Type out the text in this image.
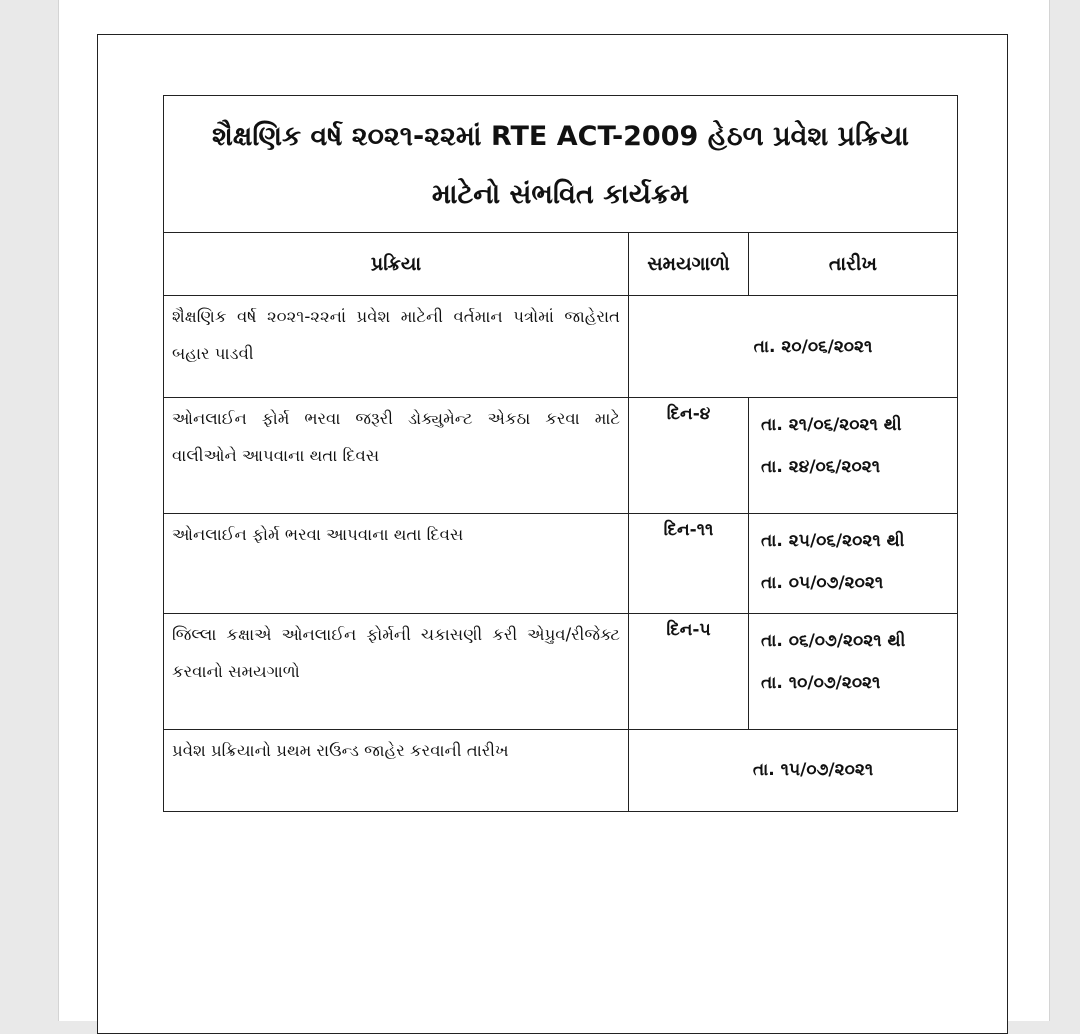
શૈક્ષણિક વર્ષ ૨૦૨૧-૨૨માં RTE ACT-2009 હેઠળ પ્રવેશ પ્રક્રિયા
માટેનો સંભવિત કાર્યક્રમ		

પ્રક્રિયા	સમયગાળો	તારીખ
શૈક્ષણિક વર્ષ ૨૦૨૧-૨૨નાં પ્રવેશ માટેની વર્તમાન પત્રોમાં જાહેરાત બહાર પાડવી	તા. ૨૦/૦૬/૨૦૨૧	
ઓનલાઈન ફોર્મ ભરવા જરૂરી ડોક્યુમેન્ટ એકઠા કરવા માટે વાલીઓને આપવાના થતા દિવસ	દિન-૪	તા. ૨૧/૦૬/૨૦૨૧ થી
તા. ૨૪/૦૬/૨૦૨૧

ઓનલાઈન ફોર્મ ભરવા આપવાના થતા દિવસ	દિન-૧૧	તા. ૨૫/૦૬/૨૦૨૧ થી
તા. ૦૫/૦૭/૨૦૨૧

જિલ્લા કક્ષાએ ઓનલાઈન ફોર્મની ચકાસણી કરી એપ્રુવ/રીજેક્ટ કરવાનો સમયગાળો	દિન-૫	તા. ૦૬/૦૭/૨૦૨૧ થી
તા. ૧૦/૦૭/૨૦૨૧

પ્રવેશ પ્રક્રિયાનો પ્રથમ રાઉન્ડ જાહેર કરવાની તારીખ	તા. ૧૫/૦૭/૨૦૨૧	
